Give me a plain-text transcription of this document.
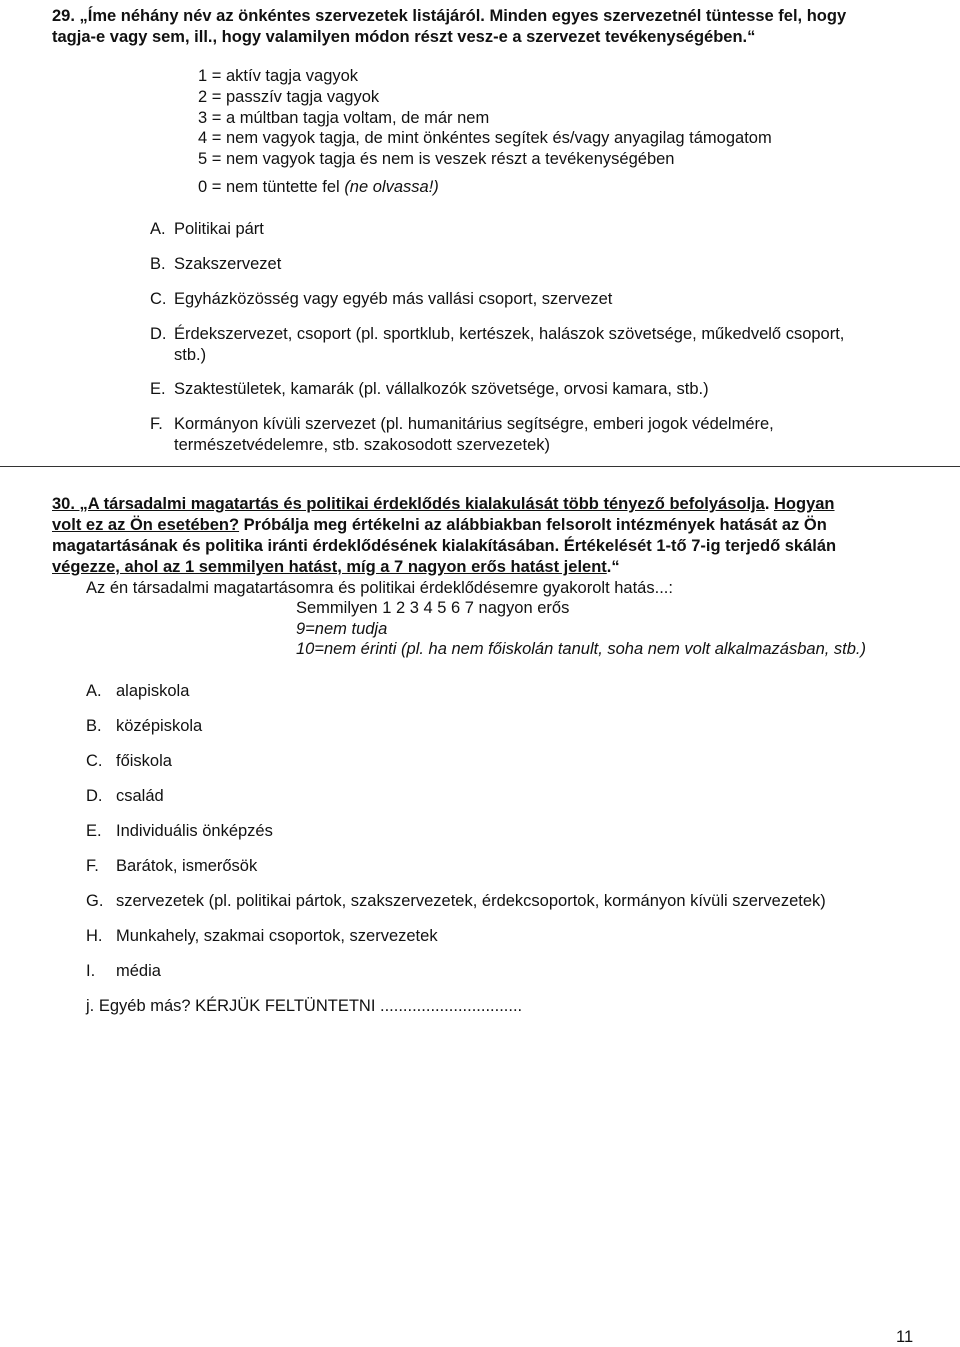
29. „Íme néhány név az önkéntes szervezetek listájáról. Minden egyes szervezetnél tüntesse fel, hogy
tagja-e vagy sem, ill., hogy valamilyen módon részt vesz-e a szervezet tevékenységében.“
1 = aktív tagja vagyok
2 = passzív tagja vagyok
3 = a múltban tagja voltam, de már nem
4 = nem vagyok tagja, de mint önkéntes segítek és/vagy anyagilag támogatom
5 = nem vagyok tagja és nem is veszek részt a tevékenységében
0 = nem tüntette fel (ne olvassa!)
A. Politikai párt
B. Szakszervezet
C. Egyházközösség vagy egyéb más vallási csoport, szervezet
D. Érdekszervezet, csoport (pl. sportklub, kertészek, halászok szövetsége, műkedvelő csoport,
stb.)
E. Szaktestületek, kamarák (pl. vállalkozók szövetsége, orvosi kamara, stb.)
F. Kormányon kívüli szervezet (pl. humanitárius segítségre, emberi jogok védelmére,
természetvédelemre, stb. szakosodott szervezetek)
30. „A társadalmi magatartás és politikai érdeklődés kialakulását több tényező befolyásolja. Hogyan
volt ez az Ön esetében? Próbálja meg értékelni az alábbiakban felsorolt intézmények hatását az Ön
magatartásának és politika iránti érdeklődésének kialakításában. Értékelését 1-tő 7-ig terjedő skálán
végezze, ahol az 1 semmilyen hatást, míg a 7 nagyon erős hatást jelent.“
Az én társadalmi magatartásomra és politikai érdeklődésemre gyakorolt hatás...:
Semmilyen 1 2 3 4 5 6 7 nagyon erős
9=nem tudja
10=nem érinti (pl. ha nem főiskolán tanult, soha nem volt alkalmazásban, stb.)
A. alapiskola
B. középiskola
C. főiskola
D. család
E. Individuális önképzés
F. Barátok, ismerősök
G. szervezetek (pl. politikai pártok, szakszervezetek, érdekcsoportok, kormányon kívüli szervezetek)
H. Munkahely, szakmai csoportok, szervezetek
I. média
j. Egyéb más? KÉRJÜK FELTÜNTETNI ...............................
11
